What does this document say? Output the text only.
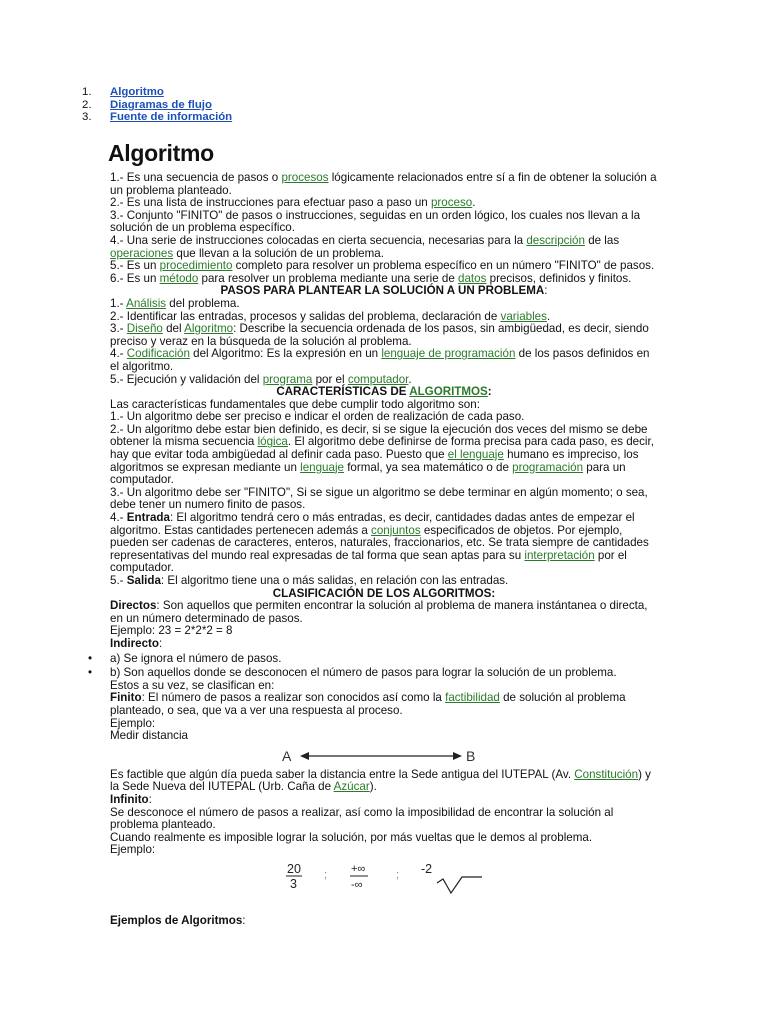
1.	Algoritmo
2.	Diagramas de flujo
3.	Fuente de información
Algoritmo

1.- Es una secuencia de pasos o procesos lógicamente relacionados entre sí a fin de obtener la solución a un problema planteado.

2.- Es una lista de instrucciones para efectuar paso a paso un proceso.

3.- Conjunto "FINITO" de pasos o instrucciones, seguidas en un orden lógico, los cuales nos llevan a la solución de un problema específico.

4.- Una serie de instrucciones colocadas en cierta secuencia, necesarias para la descripción de las operaciones que llevan a la solución de un problema.

5.- Es un procedimiento completo para resolver un problema específico en un número "FINITO" de pasos.

6.- Es un método para resolver un problema mediante una serie de datos precisos, definidos y finitos.

PASOS PARA PLANTEAR LA SOLUCIÓN A UN PROBLEMA:

1.- Análisis del problema.

2.- Identificar las entradas, procesos y salidas del problema, declaración de variables.

3.- Diseño del Algoritmo: Describe la secuencia ordenada de los pasos, sin ambigüedad, es decir, siendo preciso y veraz en la búsqueda de la solución al problema.

4.- Codificación del Algoritmo: Es la expresión en un lenguaje de programación de los pasos definidos en el algoritmo.

5.- Ejecución y validación del programa por el computador.

CARACTERÍSTICAS DE ALGORITMOS:

Las características fundamentales que debe cumplir todo algoritmo son:

1.- Un algoritmo debe ser preciso e indicar el orden de realización de cada paso.

2.- Un algoritmo debe estar bien definido, es decir, si se sigue la ejecución dos veces del mismo se debe obtener la misma secuencia lógica. El algoritmo debe definirse de forma precisa para cada paso, es decir, hay que evitar toda ambigüedad al definir cada paso. Puesto que el lenguaje humano es impreciso, los algoritmos se expresan mediante un lenguaje formal, ya sea matemático o de programación para un computador.

3.- Un algoritmo debe ser "FINITO", Si se sigue un algoritmo se debe terminar en algún momento; o sea, debe tener un numero finito de pasos.

4.- Entrada: El algoritmo tendrá cero o más entradas, es decir, cantidades dadas antes de empezar el algoritmo. Estas cantidades pertenecen además a conjuntos especificados de objetos. Por ejemplo, pueden ser cadenas de caracteres, enteros, naturales, fraccionarios, etc. Se trata siempre de cantidades representativas del mundo real expresadas de tal forma que sean aptas para su interpretación por el computador.

5.- Salida: El algoritmo tiene una o más salidas, en relación con las entradas.

CLASIFICACIÓN DE LOS ALGORITMOS:

Directos: Son aquellos que permiten encontrar la solución al problema de manera instántanea o directa, en un número determinado de pasos.

Ejemplo: 23 = 2*2*2 = 8

Indirecto:

• a) Se ignora el número de pasos.

• b) Son aquellos donde se desconocen el número de pasos para lograr la solución de un problema.

Estos a su vez, se clasifican en:

Finito: El número de pasos a realizar son conocidos así como la factibilidad de solución al problema planteado, o sea, que va a ver una respuesta al proceso.

Ejemplo:

Medir distancia

A	B

Es factible que algún día pueda saber la distancia entre la Sede antigua del IUTEPAL (Av. Constitución) y la Sede Nueva del IUTEPAL (Urb. Caña de Azúcar).

Infinito:

Se desconoce el número de pasos a realizar, así como la imposibilidad de encontrar la solución al problema planteado.

Cuando realmente es imposible lograr la solución, por más vueltas que le demos al problema.

Ejemplo:

20
3
; +∞
-∞
; -2

Ejemplos de Algoritmos:
